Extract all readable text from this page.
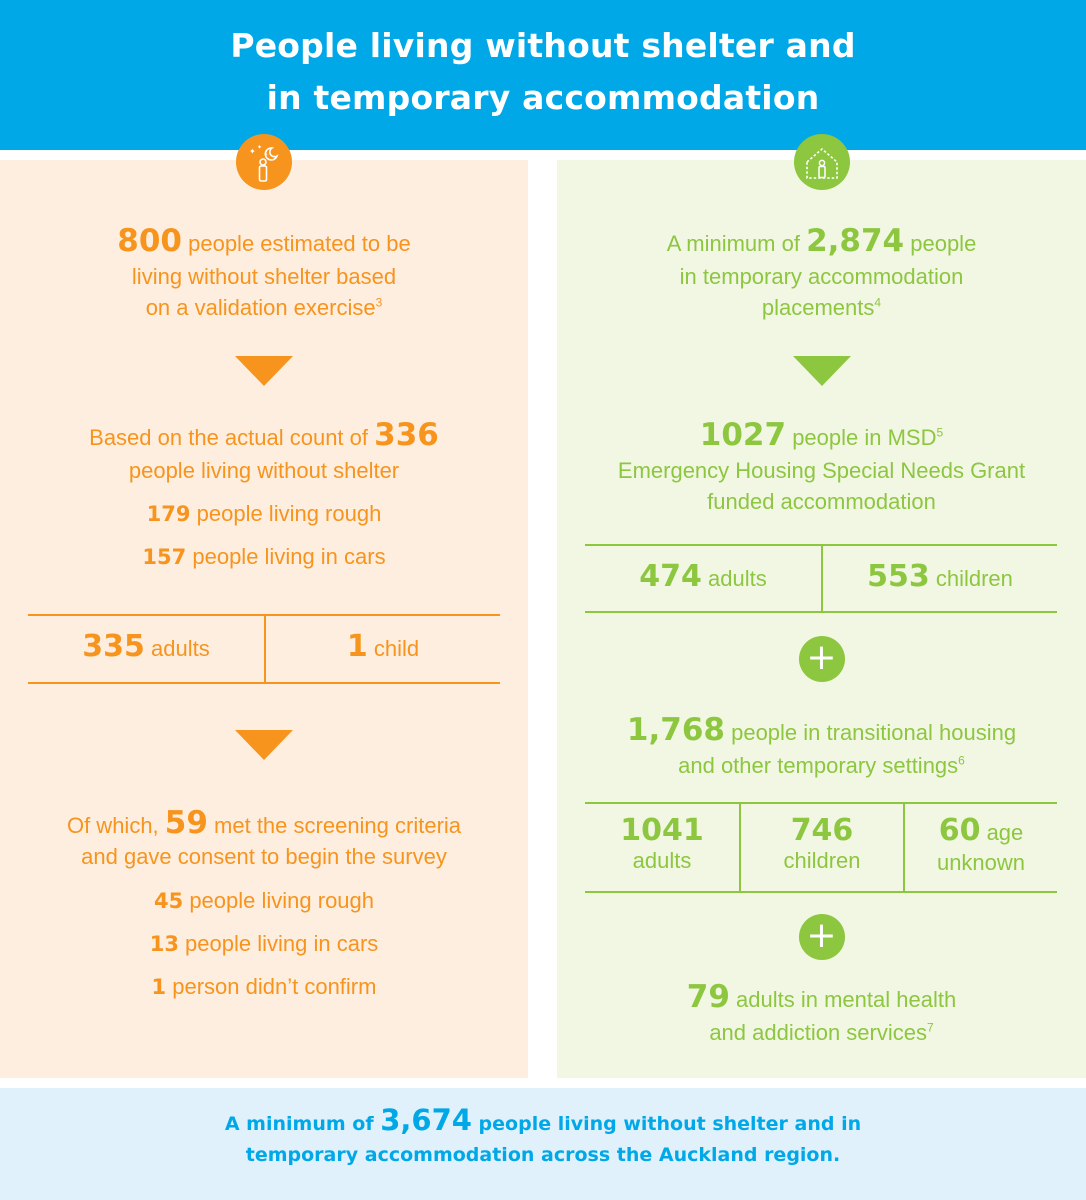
People living without shelter and
in temporary accommodation
✦ ✦
✦
800 people estimated to be
living without shelter based
on a validation exercise$^3$
Based on the actual count of 336
people living without shelter
179 people living rough
157 people living in cars
335 adults	1 child
Of which, 59 met the screening criteria
and gave consent to begin the survey
45 people living rough
13 people living in cars
1 person didn’t confirm
A minimum of 2,874 people
in temporary accommodation
placements$^4$
1027 people in MSD$^5$
Emergency Housing Special Needs Grant
funded accommodation
474 adults	553 children
+
1,768 people in transitional housing
and other temporary settings$^6$
1041
adults
746
children
60 age
unknown
+
79 adults in mental health
and addiction services$^7$
A minimum of 3,674 people living without shelter and in
temporary accommodation across the Auckland region.
